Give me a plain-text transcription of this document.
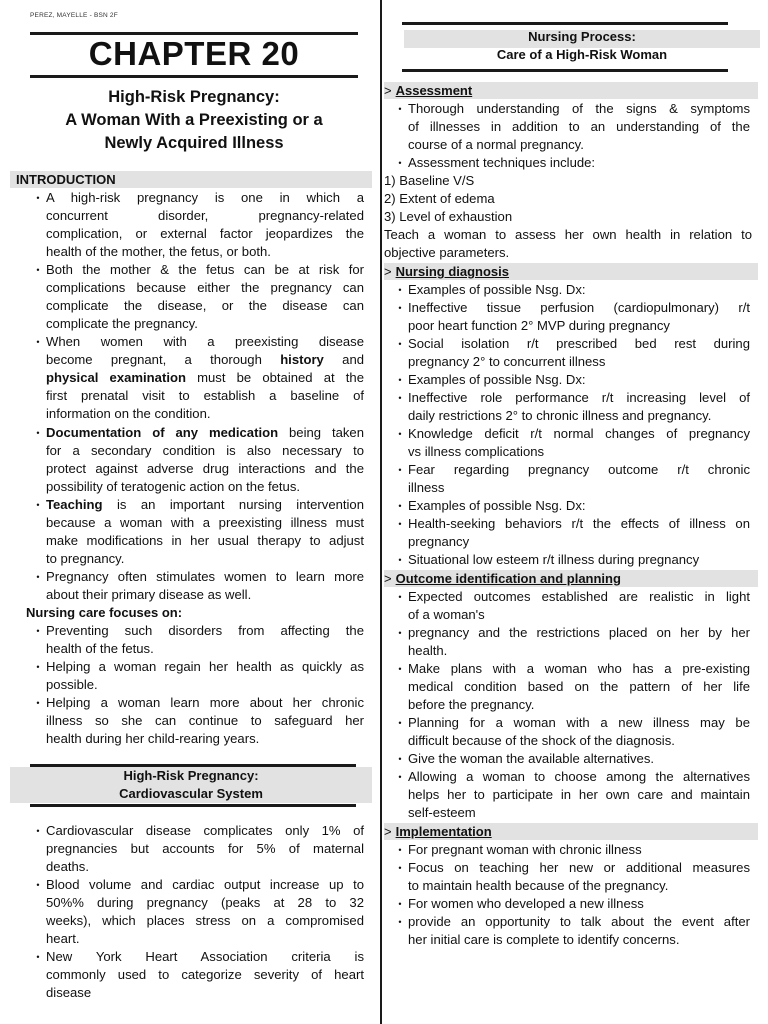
PEREZ, MAYELLE - BSN 2F
CHAPTER 20
High-Risk Pregnancy:
A Woman With a Preexisting or a
Newly Acquired Illness
INTRODUCTION
• A high-risk pregnancy is one in which a
concurrent disorder, pregnancy-related
complication, or external factor jeopardizes the
health of the mother, the fetus, or both.
• Both the mother & the fetus can be at risk for
complications because either the pregnancy can
complicate the disease, or the disease can
complicate the pregnancy.
• When women with a preexisting disease
become pregnant, a thorough history and
physical examination must be obtained at the
first prenatal visit to establish a baseline of
information on the condition.
• Documentation of any medication being taken
for a secondary condition is also necessary to
protect against adverse drug interactions and the
possibility of teratogenic action on the fetus.
• Teaching is an important nursing intervention
because a woman with a preexisting illness must
make modifications in her usual therapy to adjust
to pregnancy.
• Pregnancy often stimulates women to learn more
about their primary disease as well.
Nursing care focuses on:
• Preventing such disorders from affecting the
health of the fetus.
• Helping a woman regain her health as quickly as
possible.
• Helping a woman learn more about her chronic
illness so she can continue to safeguard her
health during her child-rearing years.
High-Risk Pregnancy:
Cardiovascular System
• Cardiovascular disease complicates only 1% of
pregnancies but accounts for 5% of maternal
deaths.
• Blood volume and cardiac output increase up to
50%% during pregnancy (peaks at 28 to 32
weeks), which places stress on a compromised
heart.
• New York Heart Association criteria is
commonly used to categorize severity of heart
disease
Nursing Process:
Care of a High-Risk Woman
> Assessment
• Thorough understanding of the signs & symptoms
of illnesses in addition to an understanding of the
course of a normal pregnancy.
• Assessment techniques include:
1) Baseline V/S
2) Extent of edema
3) Level of exhaustion
Teach a woman to assess her own health in relation to
objective parameters.
> Nursing diagnosis
• Examples of possible Nsg. Dx:
• Ineffective tissue perfusion (cardiopulmonary) r/t
poor heart function 2° MVP during pregnancy
• Social isolation r/t prescribed bed rest during
pregnancy 2° to concurrent illness
• Examples of possible Nsg. Dx:
• Ineffective role performance r/t increasing level of
daily restrictions 2° to chronic illness and pregnancy.
• Knowledge deficit r/t normal changes of pregnancy
vs illness complications
• Fear regarding pregnancy outcome r/t chronic
illness
• Examples of possible Nsg. Dx:
• Health-seeking behaviors r/t the effects of illness on
pregnancy
• Situational low esteem r/t illness during pregnancy
> Outcome identification and planning
• Expected outcomes established are realistic in light
of a woman's
• pregnancy and the restrictions placed on her by her
health.
• Make plans with a woman who has a pre-existing
medical condition based on the pattern of her life
before the pregnancy.
• Planning for a woman with a new illness may be
difficult because of the shock of the diagnosis.
• Give the woman the available alternatives.
• Allowing a woman to choose among the alternatives
helps her to participate in her own care and maintain
self-esteem
> Implementation
• For pregnant woman with chronic illness
• Focus on teaching her new or additional measures
to maintain health because of the pregnancy.
• For women who developed a new illness
• provide an opportunity to talk about the event after
her initial care is complete to identify concerns.
